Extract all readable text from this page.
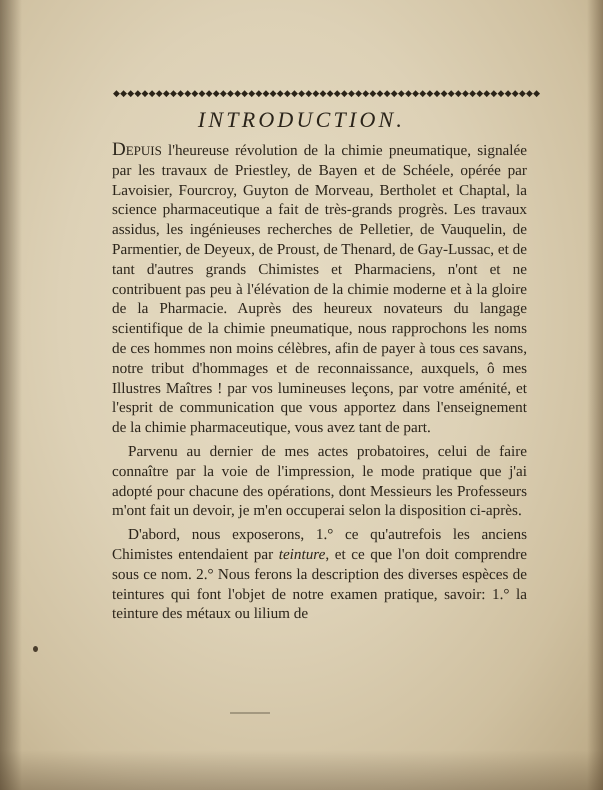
◆◆◆◆◆◆◆◆◆◆◆◆◆◆◆◆◆◆◆◆◆◆◆◆◆◆◆◆◆◆◆◆◆◆◆◆◆◆◆◆◆◆◆◆◆◆◆◆◆◆◆◆◆◆◆◆◆◆◆◆
INTRODUCTION.

Depuis l'heureuse révolution de la chimie pneumatique, signalée par les travaux de Priestley, de Bayen et de Schéele, opérée par Lavoisier, Fourcroy, Guyton de Morveau, Bertholet et Chaptal, la science pharmaceutique a fait de très-grands progrès. Les travaux assidus, les ingénieuses recherches de Pelletier, de Vauquelin, de Parmentier, de Deyeux, de Proust, de Thenard, de Gay-Lussac, et de tant d'autres grands Chimistes et Pharmaciens, n'ont et ne contribuent pas peu à l'élévation de la chimie moderne et à la gloire de la Pharmacie. Auprès des heureux novateurs du langage scientifique de la chimie pneumatique, nous rapprochons les noms de ces hommes non moins célèbres, afin de payer à tous ces savans, notre tribut d'hommages et de reconnaissance, auxquels, ô mes Illustres Maîtres ! par vos lumineuses leçons, par votre aménité, et l'esprit de communication que vous apportez dans l'enseignement de la chimie pharmaceutique, vous avez tant de part.

Parvenu au dernier de mes actes probatoires, celui de faire connaître par la voie de l'impression, le mode pratique que j'ai adopté pour chacune des opérations, dont Messieurs les Professeurs m'ont fait un devoir, je m'en occuperai selon la disposition ci-après.

D'abord, nous exposerons, 1.° ce qu'autrefois les anciens Chimistes entendaient par teinture, et ce que l'on doit comprendre sous ce nom. 2.° Nous ferons la description des diverses espèces de teintures qui font l'objet de notre examen pratique, savoir: 1.° la teinture des métaux ou lilium de
